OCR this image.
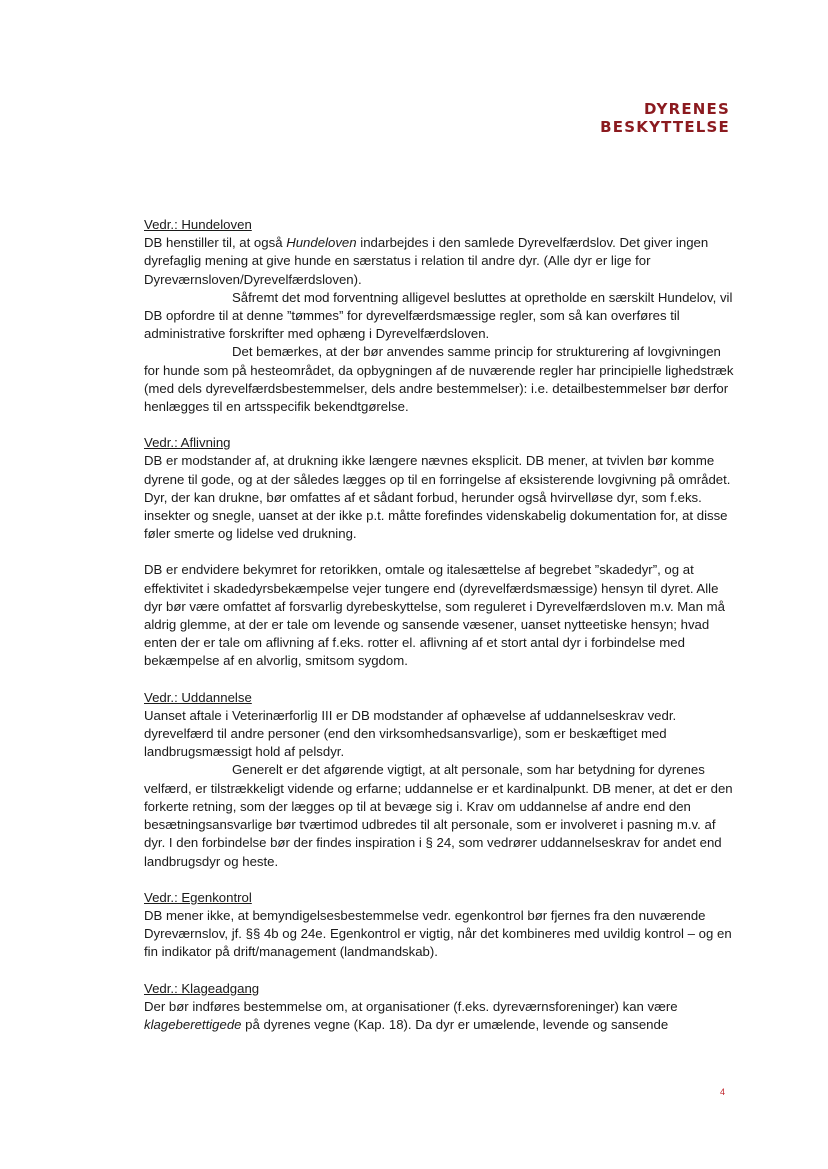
DYRENES
BESKYTTELSE
Vedr.: Hundeloven

DB henstiller til, at også Hundeloven indarbejdes i den samlede Dyrevelfærdslov. Det giver ingen dyrefaglig mening at give hunde en særstatus i relation til andre dyr. (Alle dyr er lige for Dyreværnsloven/Dyrevelfærdsloven).

Såfremt det mod forventning alligevel besluttes at opretholde en særskilt Hundelov, vil DB opfordre til at denne ”tømmes” for dyrevelfærdsmæssige regler, som så kan overføres til administrative forskrifter med ophæng i Dyrevelfærdsloven.

Det bemærkes, at der bør anvendes samme princip for strukturering af lovgivningen for hunde som på hesteområdet, da opbygningen af de nuværende regler har principielle lighedstræk (med dels dyrevelfærdsbestemmelser, dels andre bestemmelser): i.e. detailbestemmelser bør derfor henlægges til en artsspecifik bekendtgørelse.

Vedr.: Aflivning

DB er modstander af, at drukning ikke længere nævnes eksplicit. DB mener, at tvivlen bør komme dyrene til gode, og at der således lægges op til en forringelse af eksisterende lovgivning på området. Dyr, der kan drukne, bør omfattes af et sådant forbud, herunder også hvirvelløse dyr, som f.eks. insekter og snegle, uanset at der ikke p.t. måtte forefindes videnskabelig dokumentation for, at disse føler smerte og lidelse ved drukning.

DB er endvidere bekymret for retorikken, omtale og italesættelse af begrebet ”skadedyr”, og at effektivitet i skadedyrsbekæmpelse vejer tungere end (dyrevelfærdsmæssige) hensyn til dyret. Alle dyr bør være omfattet af forsvarlig dyrebeskyttelse, som reguleret i Dyrevelfærdsloven m.v. Man må aldrig glemme, at der er tale om levende og sansende væsener, uanset nytteetiske hensyn; hvad enten der er tale om aflivning af f.eks. rotter el. aflivning af et stort antal dyr i forbindelse med bekæmpelse af en alvorlig, smitsom sygdom.

Vedr.: Uddannelse

Uanset aftale i Veterinærforlig III er DB modstander af ophævelse af uddannelseskrav vedr. dyrevelfærd til andre personer (end den virksomhedsansvarlige), som er beskæftiget med landbrugsmæssigt hold af pelsdyr.

Generelt er det afgørende vigtigt, at alt personale, som har betydning for dyrenes velfærd, er tilstrækkeligt vidende og erfarne; uddannelse er et kardinalpunkt. DB mener, at det er den forkerte retning, som der lægges op til at bevæge sig i. Krav om uddannelse af andre end den besætningsansvarlige bør tværtimod udbredes til alt personale, som er involveret i pasning m.v. af dyr. I den forbindelse bør der findes inspiration i § 24, som vedrører uddannelseskrav for andet end landbrugsdyr og heste.

Vedr.: Egenkontrol

DB mener ikke, at bemyndigelsesbestemmelse vedr. egenkontrol bør fjernes fra den nuværende Dyreværnslov, jf. §§ 4b og 24e. Egenkontrol er vigtig, når det kombineres med uvildig kontrol – og en fin indikator på drift/management (landmandskab).

Vedr.: Klageadgang

Der bør indføres bestemmelse om, at organisationer (f.eks. dyreværnsforeninger) kan være klageberettigede på dyrenes vegne (Kap. 18). Da dyr er umælende, levende og sansende

4
